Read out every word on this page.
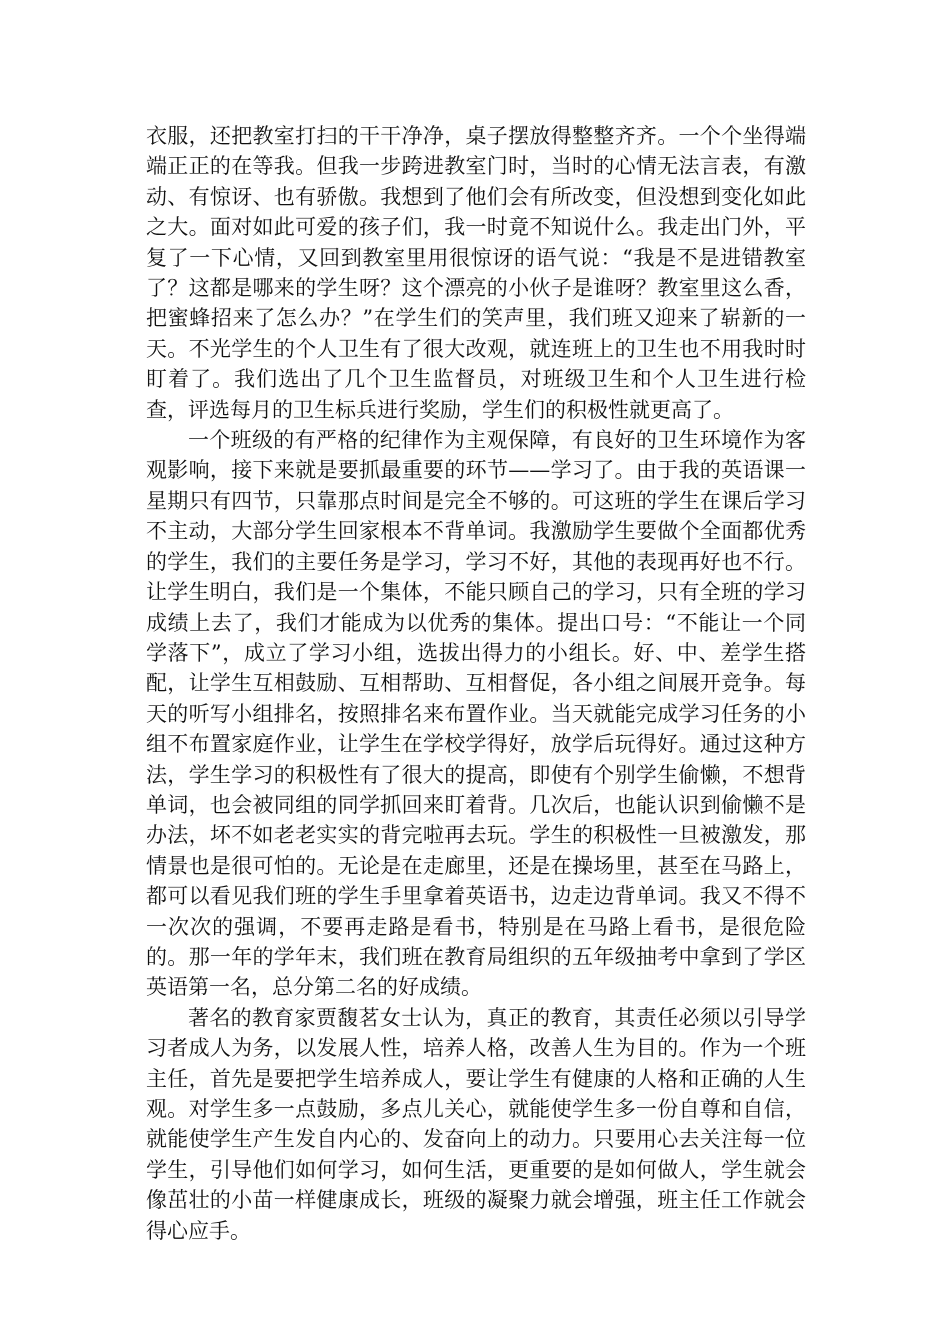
衣服，还把教室打扫的干干净净，桌子摆放得整整齐齐。一个个坐得端端正正的在等我。但我一步跨进教室门时，当时的心情无法言表，有激动、有惊讶、也有骄傲。我想到了他们会有所改变，但没想到变化如此之大。面对如此可爱的孩子们，我一时竟不知说什么。我走出门外，平复了一下心情，又回到教室里用很惊讶的语气说：“我是不是进错教室了？这都是哪来的学生呀？这个漂亮的小伙子是谁呀？教室里这么香，把蜜蜂招来了怎么办？”在学生们的笑声里，我们班又迎来了崭新的一天。不光学生的个人卫生有了很大改观，就连班上的卫生也不用我时时盯着了。我们选出了几个卫生监督员，对班级卫生和个人卫生进行检查，评选每月的卫生标兵进行奖励，学生们的积极性就更高了。

一个班级的有严格的纪律作为主观保障，有良好的卫生环境作为客观影响，接下来就是要抓最重要的环节——学习了。由于我的英语课一星期只有四节，只靠那点时间是完全不够的。可这班的学生在课后学习不主动，大部分学生回家根本不背单词。我激励学生要做个全面都优秀的学生，我们的主要任务是学习，学习不好，其他的表现再好也不行。让学生明白，我们是一个集体，不能只顾自己的学习，只有全班的学习成绩上去了，我们才能成为以优秀的集体。提出口号：“不能让一个同学落下”，成立了学习小组，选拔出得力的小组长。好、中、差学生搭配，让学生互相鼓励、互相帮助、互相督促，各小组之间展开竞争。每天的听写小组排名，按照排名来布置作业。当天就能完成学习任务的小组不布置家庭作业，让学生在学校学得好，放学后玩得好。通过这种方法，学生学习的积极性有了很大的提高，即使有个别学生偷懒，不想背单词，也会被同组的同学抓回来盯着背。几次后，也能认识到偷懒不是办法，坏不如老老实实的背完啦再去玩。学生的积极性一旦被激发，那情景也是很可怕的。无论是在走廊里，还是在操场里，甚至在马路上，都可以看见我们班的学生手里拿着英语书，边走边背单词。我又不得不一次次的强调，不要再走路是看书，特别是在马路上看书，是很危险的。那一年的学年末，我们班在教育局组织的五年级抽考中拿到了学区英语第一名，总分第二名的好成绩。

著名的教育家贾馥茗女士认为，真正的教育，其责任必须以引导学习者成人为务，以发展人性，培养人格，改善人生为目的。作为一个班主任，首先是要把学生培养成人，要让学生有健康的人格和正确的人生观。对学生多一点鼓励，多点儿关心，就能使学生多一份自尊和自信，就能使学生产生发自内心的、发奋向上的动力。只要用心去关注每一位学生，引导他们如何学习，如何生活，更重要的是如何做人，学生就会像茁壮的小苗一样健康成长，班级的凝聚力就会增强，班主任工作就会得心应手。
